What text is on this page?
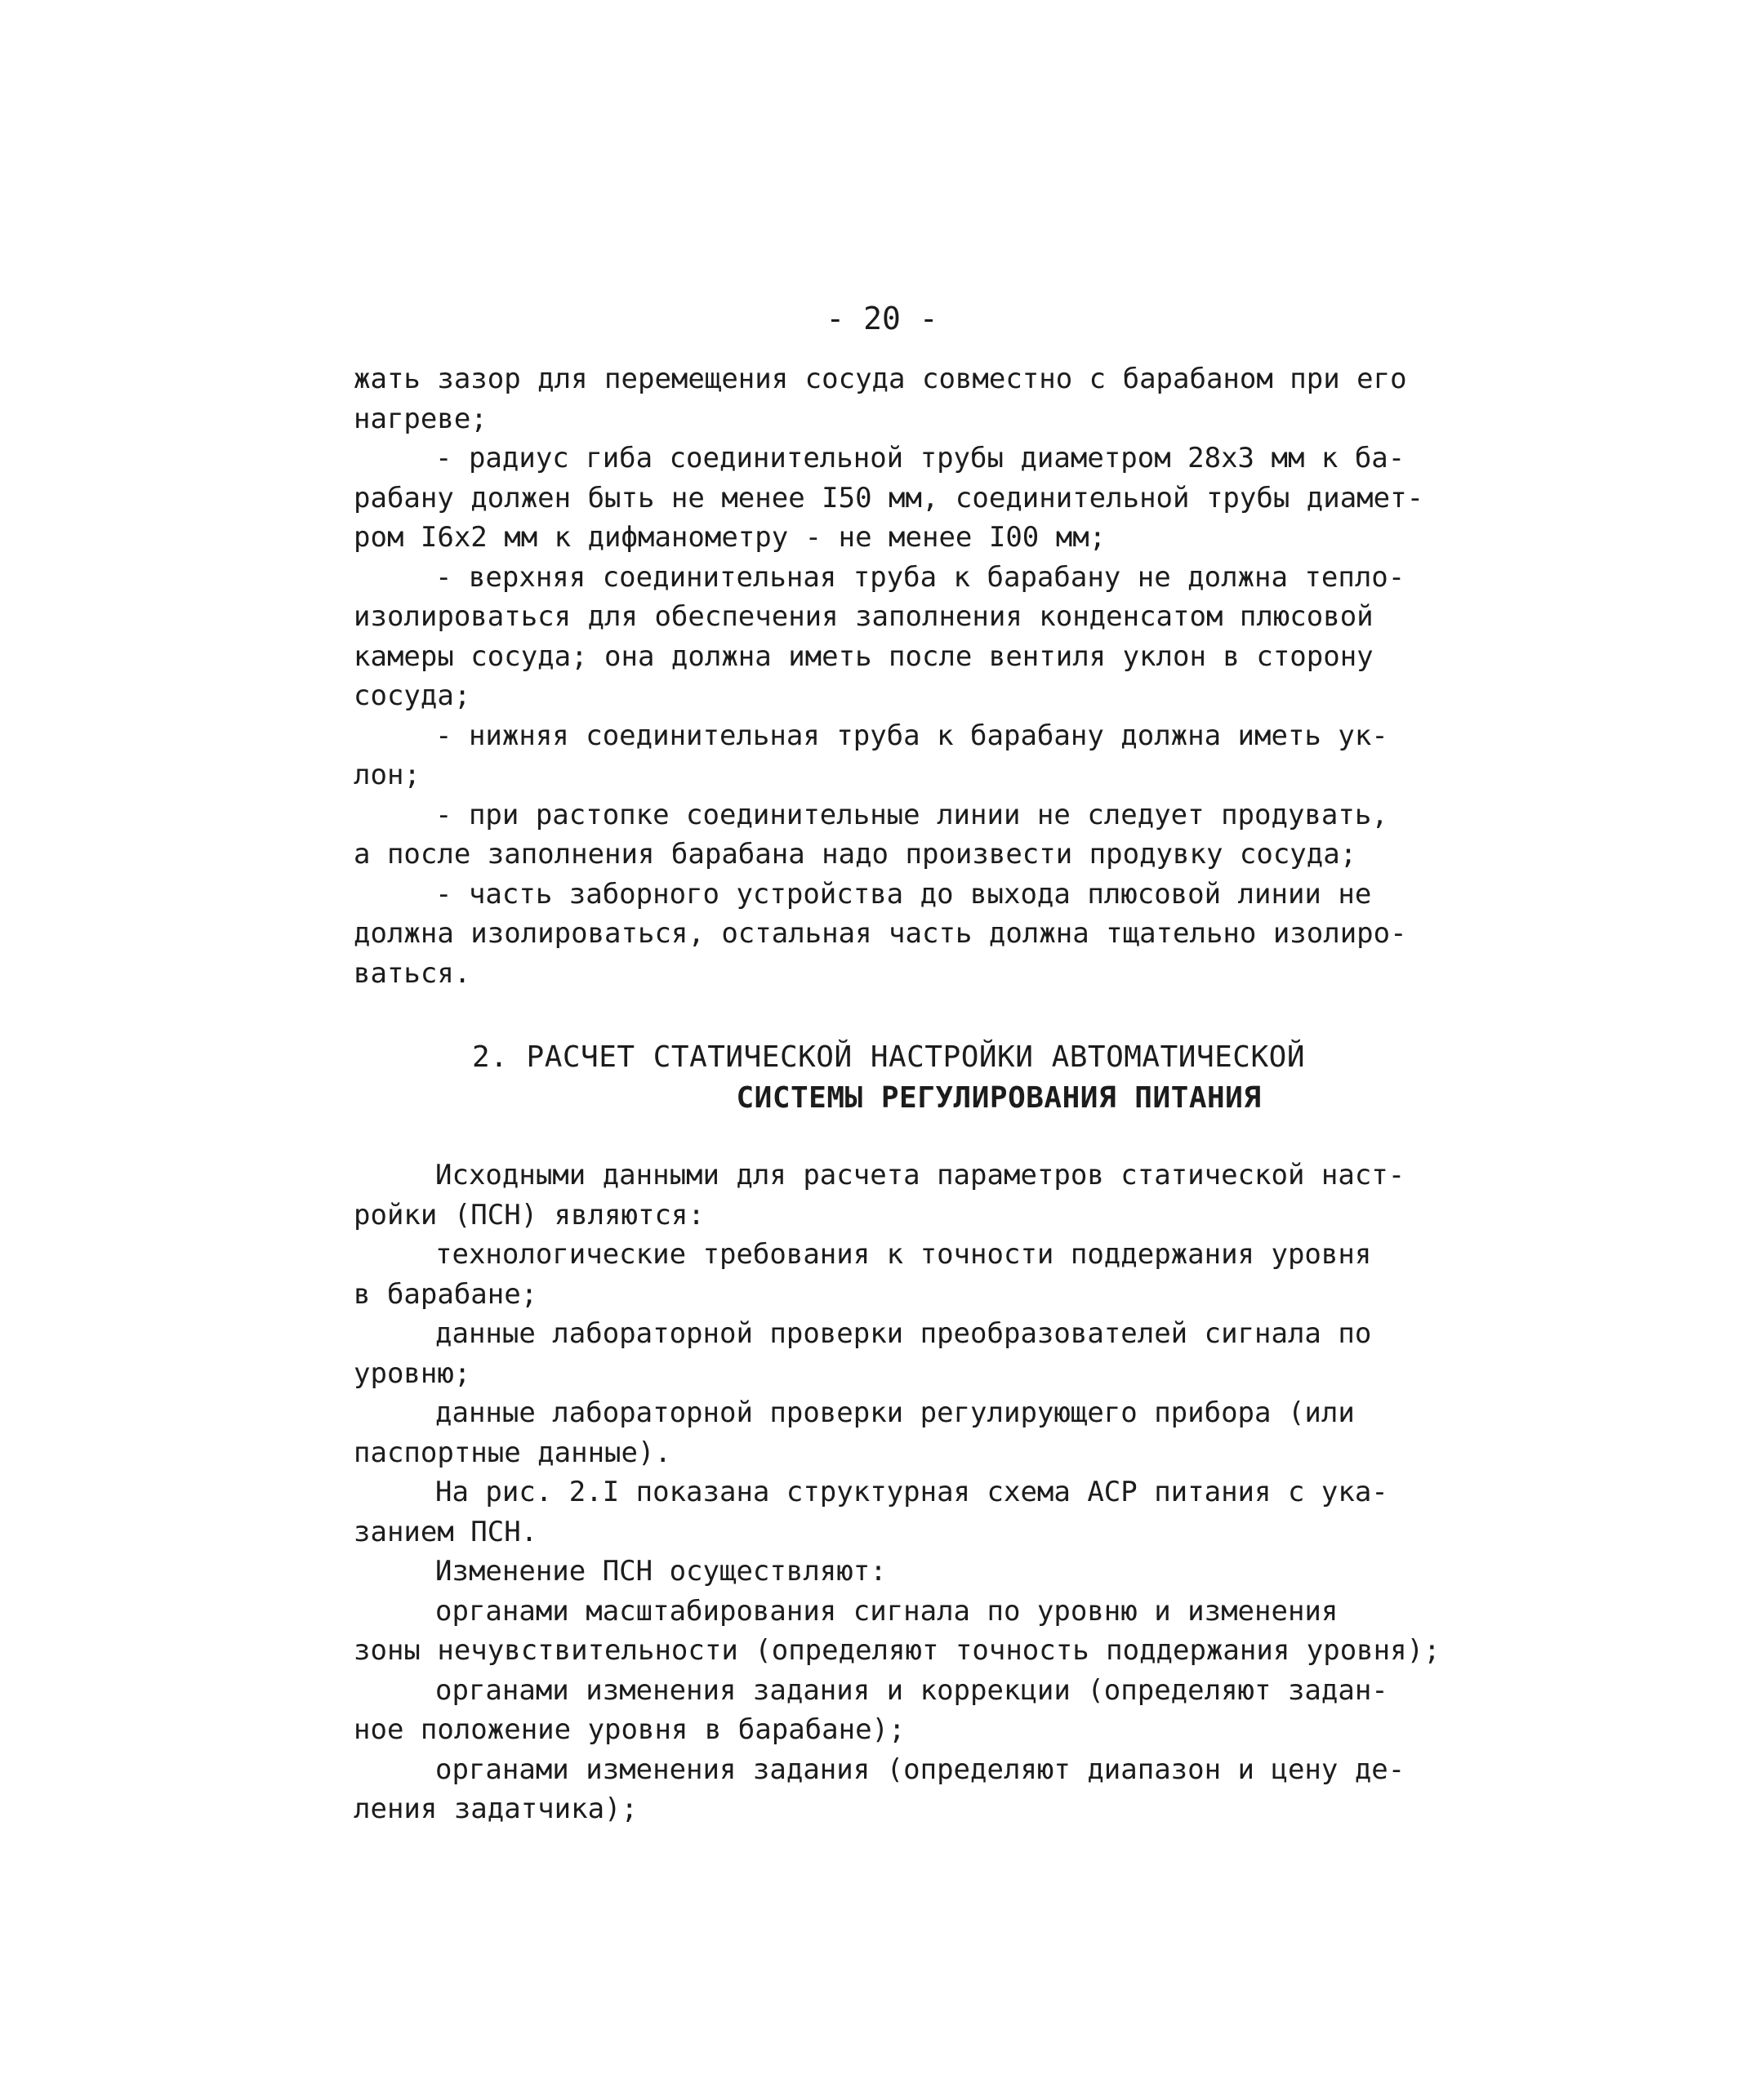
- 20 -
жать зазор для перемещения сосуда совместно с барабаном при его
нагреве;
- радиус гиба соединительной трубы диаметром 28х3 мм к ба-
рабану должен быть не менее I50 мм, соединительной трубы диамет-
ром I6х2 мм к дифманометру - не менее I00 мм;
- верхняя соединительная труба к барабану не должна тепло-
изолироваться для обеспечения заполнения конденсатом плюсовой
камеры сосуда; она должна иметь после вентиля уклон в сторону
сосуда;
- нижняя соединительная труба к барабану должна иметь ук-
лон;
- при растопке соединительные линии не следует продувать,
а после заполнения барабана надо произвести продувку сосуда;
- часть заборного устройства до выхода плюсовой линии не
должна изолироваться, остальная часть должна тщательно изолиро-
ваться.
2. РАСЧЕТ СТАТИЧЕСКОЙ НАСТРОЙКИ АВТОМАТИЧЕСКОЙ
СИСТЕМЫ РЕГУЛИРОВАНИЯ ПИТАНИЯ
Исходными данными для расчета параметров статической наст-
ройки (ПСН) являются:
технологические требования к точности поддержания уровня
в барабане;
данные лабораторной проверки преобразователей сигнала по
уровню;
данные лабораторной проверки регулирующего прибора (или
паспортные данные).
На рис. 2.I показана структурная схема АСР питания с ука-
занием ПСН.
Изменение ПСН осуществляют:
органами масштабирования сигнала по уровню и изменения
зоны нечувствительности (определяют точность поддержания уровня);
органами изменения задания и коррекции (определяют задан-
ное положение уровня в барабане);
органами изменения задания (определяют диапазон и цену де-
ления задатчика);
